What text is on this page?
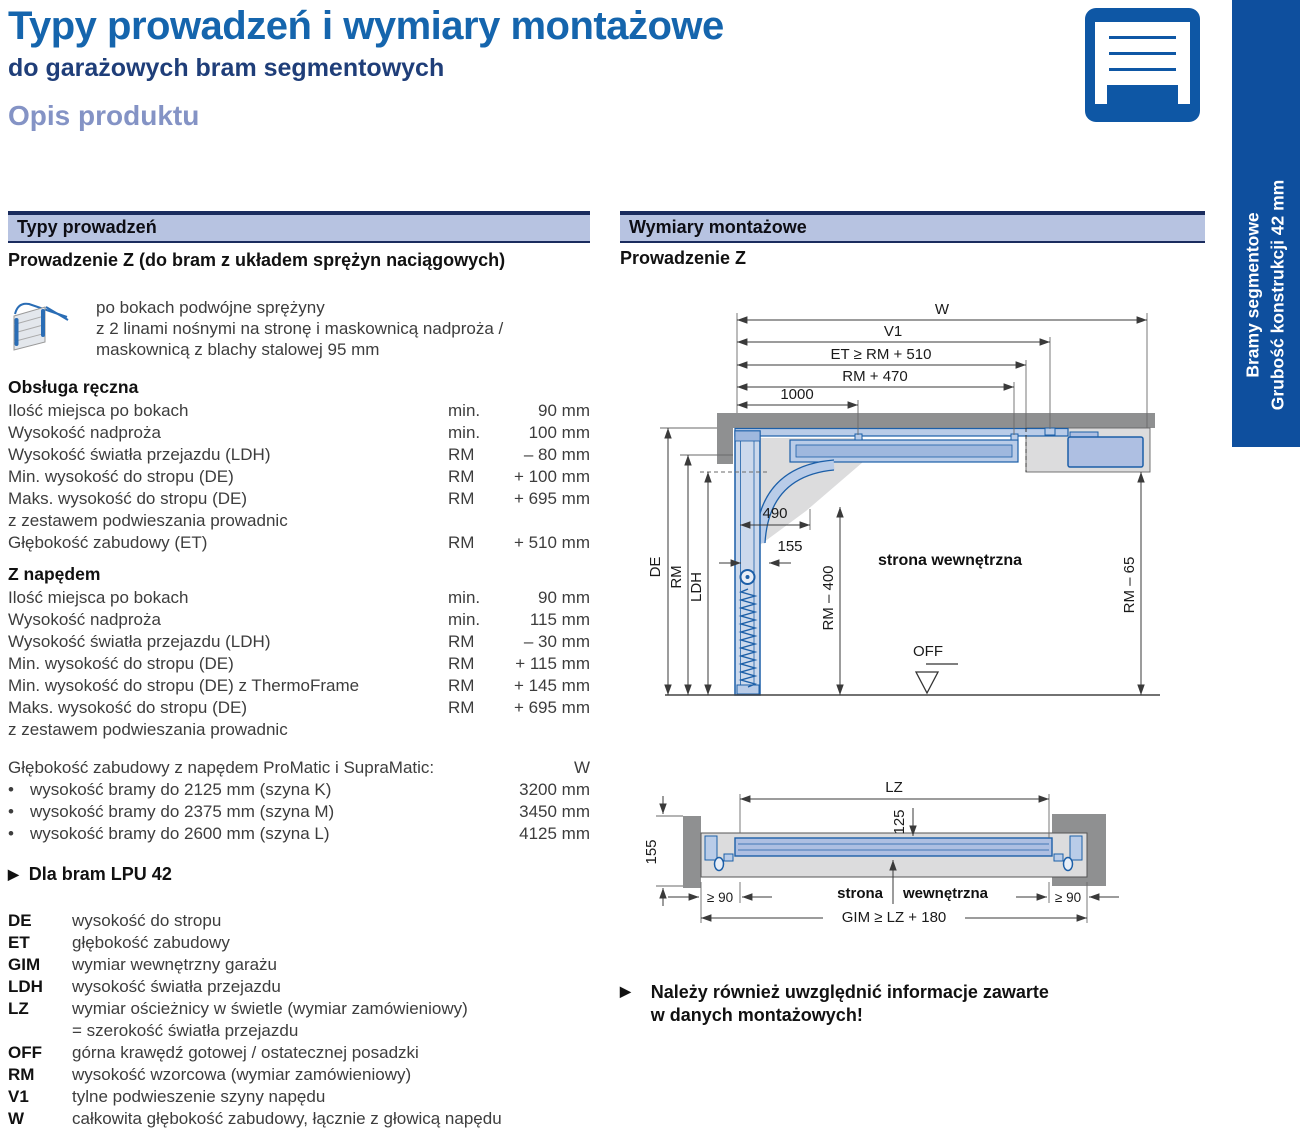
Typy prowadzeń i wymiary montażowe
do garażowych bram segmentowych
Opis produktu
Bramy segmentowe Grubość konstrukcji 42 mm
Typy prowadzeń
Prowadzenie Z (do bram z układem sprężyn naciągowych)
po bokach podwójne sprężyny
z 2 linami nośnymi na stronę i maskownicą nadproża /
maskownicą z blachy stalowej 95 mm
Obsługa ręczna
Ilość miejsca po bokach	min.	90 mm
Wysokość nadproża	min.	100 mm
Wysokość światła przejazdu (LDH)	RM	– 80 mm
Min. wysokość do stropu (DE)	RM	+ 100 mm
Maks. wysokość do stropu (DE)	RM	+ 695 mm
z zestawem podwieszania prowadnic
Głębokość zabudowy (ET)	RM	+ 510 mm
Z napędem
Ilość miejsca po bokach	min.	90 mm
Wysokość nadproża	min.	115 mm
Wysokość światła przejazdu (LDH)	RM	– 30 mm
Min. wysokość do stropu (DE)	RM	+ 115 mm
Min. wysokość do stropu (DE) z ThermoFrame	RM	+ 145 mm
Maks. wysokość do stropu (DE)	RM	+ 695 mm
z zestawem podwieszania prowadnic
Głębokość zabudowy z napędem ProMatic i SupraMatic:	W
• wysokość bramy do 2125 mm (szyna K)	3200 mm
• wysokość bramy do 2375 mm (szyna M)	3450 mm
• wysokość bramy do 2600 mm (szyna L)	4125 mm
▶ Dla bram LPU 42
DE	wysokość do stropu
ET	głębokość zabudowy
GIM	wymiar wewnętrzny garażu
LDH	wysokość światła przejazdu
LZ	wymiar ościeżnicy w świetle (wymiar zamówieniowy)
= szerokość światła przejazdu
OFF	górna krawędź gotowej / ostatecznej posadzki
RM	wysokość wzorcowa (wymiar zamówieniowy)
V1	tylne podwieszenie szyny napędu
W	całkowita głębokość zabudowy, łącznie z głowicą napędu
Wymiary montażowe
Prowadzenie Z
W
V1
ET ≥ RM + 510
RM + 470
1000
DE RM LDH
490
155
RM – 400	RM – 65
strona wewnętrzna
OFF
LZ
125
155
≥ 90	≥ 90
strona wewnętrzna
GIM ≥ LZ + 180
▶ Należy również uwzględnić informacje zawarte
w danych montażowych!
